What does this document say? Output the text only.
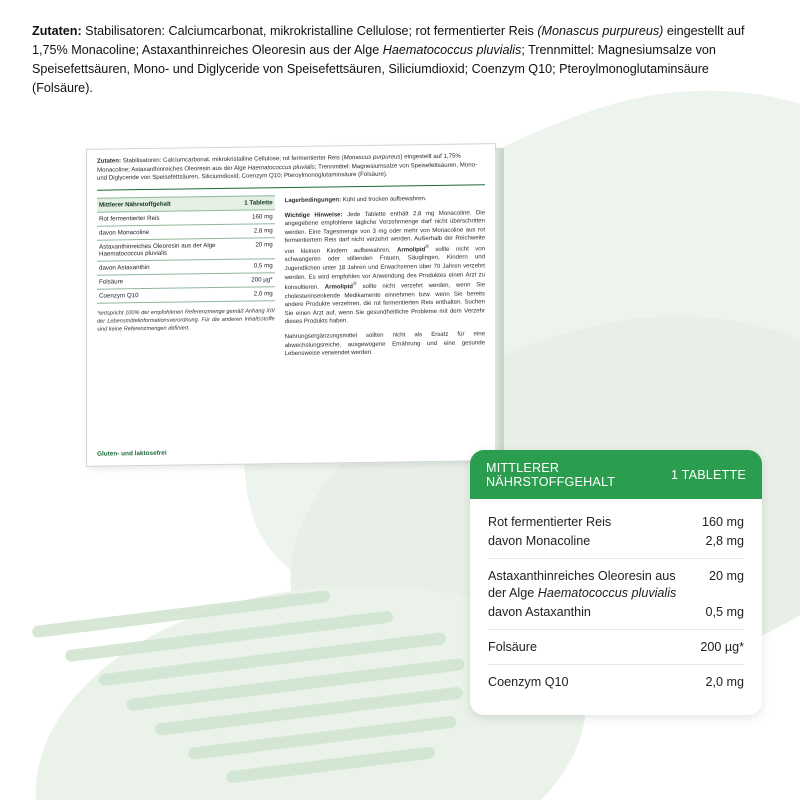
Zutaten: Stabilisatoren: Calciumcarbonat, mikrokristalline Cellulose; rot fermentierter Reis (Monascus purpureus) eingestellt auf 1,75% Monacoline; Astaxanthinreiches Oleoresin aus der Alge Haematococcus pluvialis; Trennmittel: Magnesiumsalze von Speisefettsäuren, Mono- und Diglyceride von Speisefettsäuren, Siliciumdioxid; Coenzym Q10; Pteroylmonoglutaminsäure (Folsäure).
Zutaten: Stabilisatoren: Calciumcarbonat, mikrokristalline Cellulose; rot fermentierter Reis (Monascus purpureus) eingestellt auf 1,75% Monacoline; Astaxanthinreiches Oleoresin aus der Alge Haematococcus pluvialis; Trennmittel: Magnesiumsalze von Speisefettsäuren, Mono- und Diglyceride von Speisefettsäuren, Siliciumdioxid; Coenzym Q10; Pteroylmonoglutaminsäure (Folsäure).
Mittlerer Nährstoffgehalt	1 Tablette
Rot fermentierter Reis	160 mg
davon Monacoline	2,8 mg
Astaxanthinreiches Oleoresin aus der Alge Haematococcus pluvialis	20 mg
davon Astaxanthin	0,5 mg
Folsäure	200 µg*
Coenzym Q10	2,0 mg
*entspricht 100% der empfohlenen Referenzmenge gemäß Anhang XIII der Lebensmittelinformationsverordnung. Für die anderen Inhaltsstoffe sind keine Referenzmengen definiert.
Lagerbedingungen: Kühl und trocken aufbewahren.
Wichtige Hinweise: Jede Tablette enthält 2,8 mg Monacoline. Die angegebene empfohlene tägliche Verzehrmenge darf nicht überschritten werden. Eine Tagesmenge von 3 mg oder mehr von Monacoline aus rot fermentiertem Reis darf nicht verzehrt werden. Außerhalb der Reichweite von kleinen Kindern aufbewahren. Armolipid® sollte nicht von schwangeren oder stillenden Frauen, Säuglingen, Kindern und Jugendlichen unter 18 Jahren und Erwachsenen über 70 Jahren verzehrt werden. Es wird empfohlen vor Anwendung des Produktes einen Arzt zu konsultieren. Armolipid® sollte nicht verzehrt werden, wenn Sie cholesterinsenkende Medikamente einnehmen bzw. wenn Sie bereits andere Produkte verzehren, die rot fermentierten Reis enthalten. Suchen Sie einen Arzt auf, wenn Sie gesundheitliche Probleme mit dem Verzehr dieses Produkts haben.
Nahrungsergänzungsmittel sollten nicht als Ersatz für eine abwechslungsreiche, ausgewogene Ernährung und eine gesunde Lebensweise verwendet werden.
Gluten- und laktosefrei
MITTLERER NÄHRSTOFFGEHALT	1 TABLETTE
Rot fermentierter Reis	160 mg
davon Monacoline	2,8 mg
Astaxanthinreiches Oleoresin aus
der Alge Haematococcus pluvialis
20 mg
davon Astaxanthin	0,5 mg
Folsäure	200 µg*
Coenzym Q10	2,0 mg
